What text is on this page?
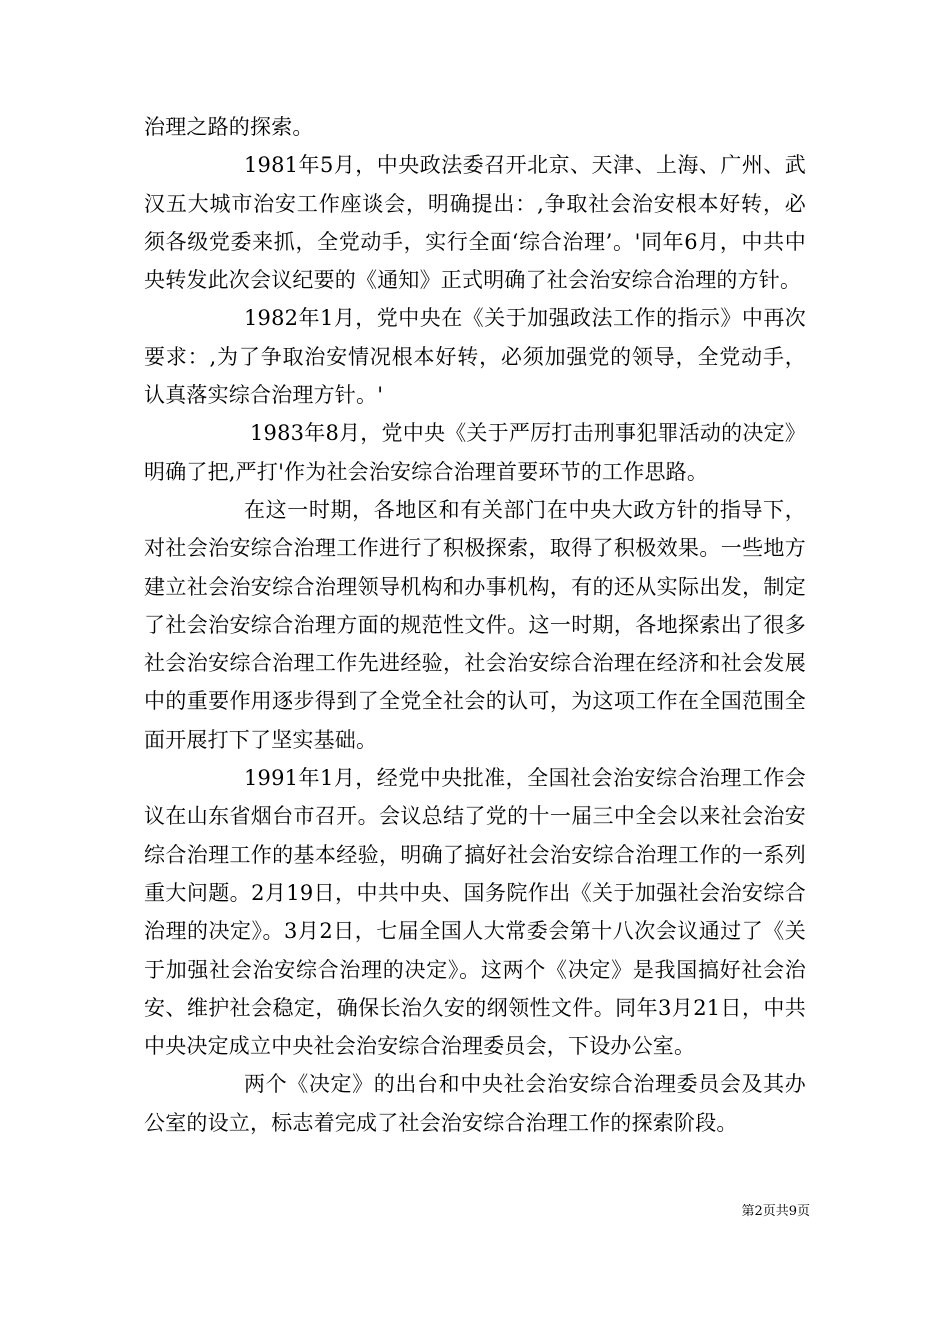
治理之路的探索。

1981年5月，中央政法委召开北京、天津、上海、广州、武汉五大城市治安工作座谈会，明确提出：,争取社会治安根本好转，必须各级党委来抓，全党动手，实行全面‘综合治理’。'同年6月，中共中央转发此次会议纪要的《通知》正式明确了社会治安综合治理的方针。

1982年1月，党中央在《关于加强政法工作的指示》中再次要求：,为了争取治安情况根本好转，必须加强党的领导，全党动手，认真落实综合治理方针。'

1983年8月，党中央《关于严厉打击刑事犯罪活动的决定》明确了把,严打'作为社会治安综合治理首要环节的工作思路。

在这一时期，各地区和有关部门在中央大政方针的指导下，对社会治安综合治理工作进行了积极探索，取得了积极效果。一些地方建立社会治安综合治理领导机构和办事机构，有的还从实际出发，制定了社会治安综合治理方面的规范性文件。这一时期，各地探索出了很多社会治安综合治理工作先进经验，社会治安综合治理在经济和社会发展中的重要作用逐步得到了全党全社会的认可，为这项工作在全国范围全面开展打下了坚实基础。

1991年1月，经党中央批准，全国社会治安综合治理工作会议在山东省烟台市召开。会议总结了党的十一届三中全会以来社会治安综合治理工作的基本经验，明确了搞好社会治安综合治理工作的一系列重大问题。2月19日，中共中央、国务院作出《关于加强社会治安综合治理的决定》。3月2日，七届全国人大常委会第十八次会议通过了《关于加强社会治安综合治理的决定》。这两个《决定》是我国搞好社会治安、维护社会稳定，确保长治久安的纲领性文件。同年3月21日，中共中央决定成立中央社会治安综合治理委员会，下设办公室。

两个《决定》的出台和中央社会治安综合治理委员会及其办公室的设立，标志着完成了社会治安综合治理工作的探索阶段。

第2页共9页
